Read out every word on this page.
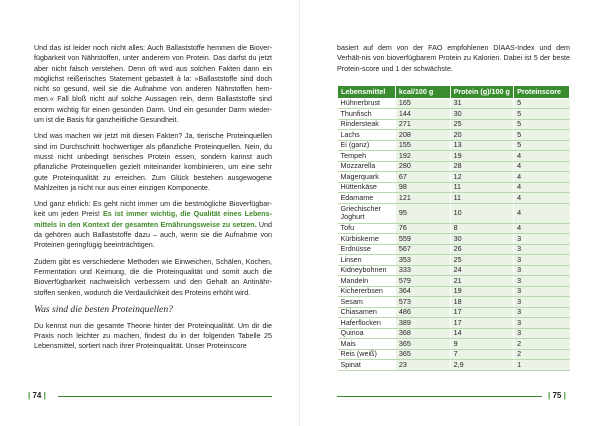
Und das ist leider noch nicht alles: Auch Ballaststoffe hemmen die Biover-fügbarkeit von Nährstoffen, unter anderem von Protein. Das darfst du jetzt aber nicht falsch verstehen. Denn oft wird aus solchen Fakten dann ein möglichst reißerisches Statement gebastelt à la: »Ballaststoffe sind doch nicht so gesund, weil sie die Aufnahme von anderen Nährstoffen hem-men.« Fall bloß nicht auf solche Aussagen rein, denn Ballaststoffe sind enorm wichtig für einen gesunden Darm. Und ein gesunder Darm wieder-um ist die Basis für ganzheitliche Gesundheit.

Und was machen wir jetzt mit diesen Fakten? Ja, tierische Proteinquellen sind im Durchschnitt hochwertiger als pflanzliche Proteinquellen. Nein, du musst nicht unbedingt tierisches Protein essen, sondern kannst auch pflanzliche Proteinquellen gezielt miteinander kombinieren, um eine sehr gute Proteinqualität zu erreichen. Zum Glück bestehen ausgewogene Mahlzeiten ja nicht nur aus einer einzigen Komponente.

Und ganz ehrlich: Es geht nicht immer um die bestmögliche Bioverfügbar-keit um jeden Preis! Es ist immer wichtig, die Qualität eines Lebens-mittels in den Kontext der gesamten Ernährungsweise zu setzen. Und da gehören auch Ballaststoffe dazu – auch, wenn sie die Aufnahme von Proteinen geringfügig beeinträchtigen.

Zudem gibt es verschiedene Methoden wie Einweichen, Schälen, Kochen, Fermentation und Keimung, die die Proteinqualität und somit auch die Bioverfügbarkeit nachweislich verbessern und den Gehalt an Antinähr-stoffen senken, wodurch die Verdaulichkeit des Proteins erhöht wird.

Was sind die besten Proteinquellen?

Du kennst nun die gesamte Theorie hinter der Proteinqualität. Um dir die Praxis noch leichter zu machen, findest du in der folgenden Tabelle 25 Lebensmittel, sortiert nach ihrer Proteinqualität. Unser Proteinscore

basiert auf dem von der FAO empfohlenen DIAAS-Index und dem Verhält-nis von bioverfügbarem Protein zu Kalorien. Dabei ist 5 der beste Protein-score und 1 der schwächste.

Lebensmittel	kcal/100 g	Protein (g)/100 g	Proteinscore
Hühnerbrust	165	31	5
Thunfisch	144	30	5
Rindersteak	271	25	5
Lachs	208	20	5
Ei (ganz)	155	13	5
Tempeh	192	19	4
Mozzarella	280	28	4
Magerquark	67	12	4
Hüttenkäse	98	11	4
Edamame	121	11	4
Griechischer Joghurt	95	10	4
Tofu	76	8	4
Kürbiskerne	559	30	3
Erdnüsse	567	26	3
Linsen	353	25	3
Kidneybohnen	333	24	3
Mandeln	579	21	3
Kichererbsen	364	19	3
Sesam	573	18	3
Chiasamen	486	17	3
Haferflocken	389	17	3
Quinoa	368	14	3
Mais	365	9	2
Reis (weiß)	365	7	2
Spinat	23	2,9	1
| 74 |	| 75 |
